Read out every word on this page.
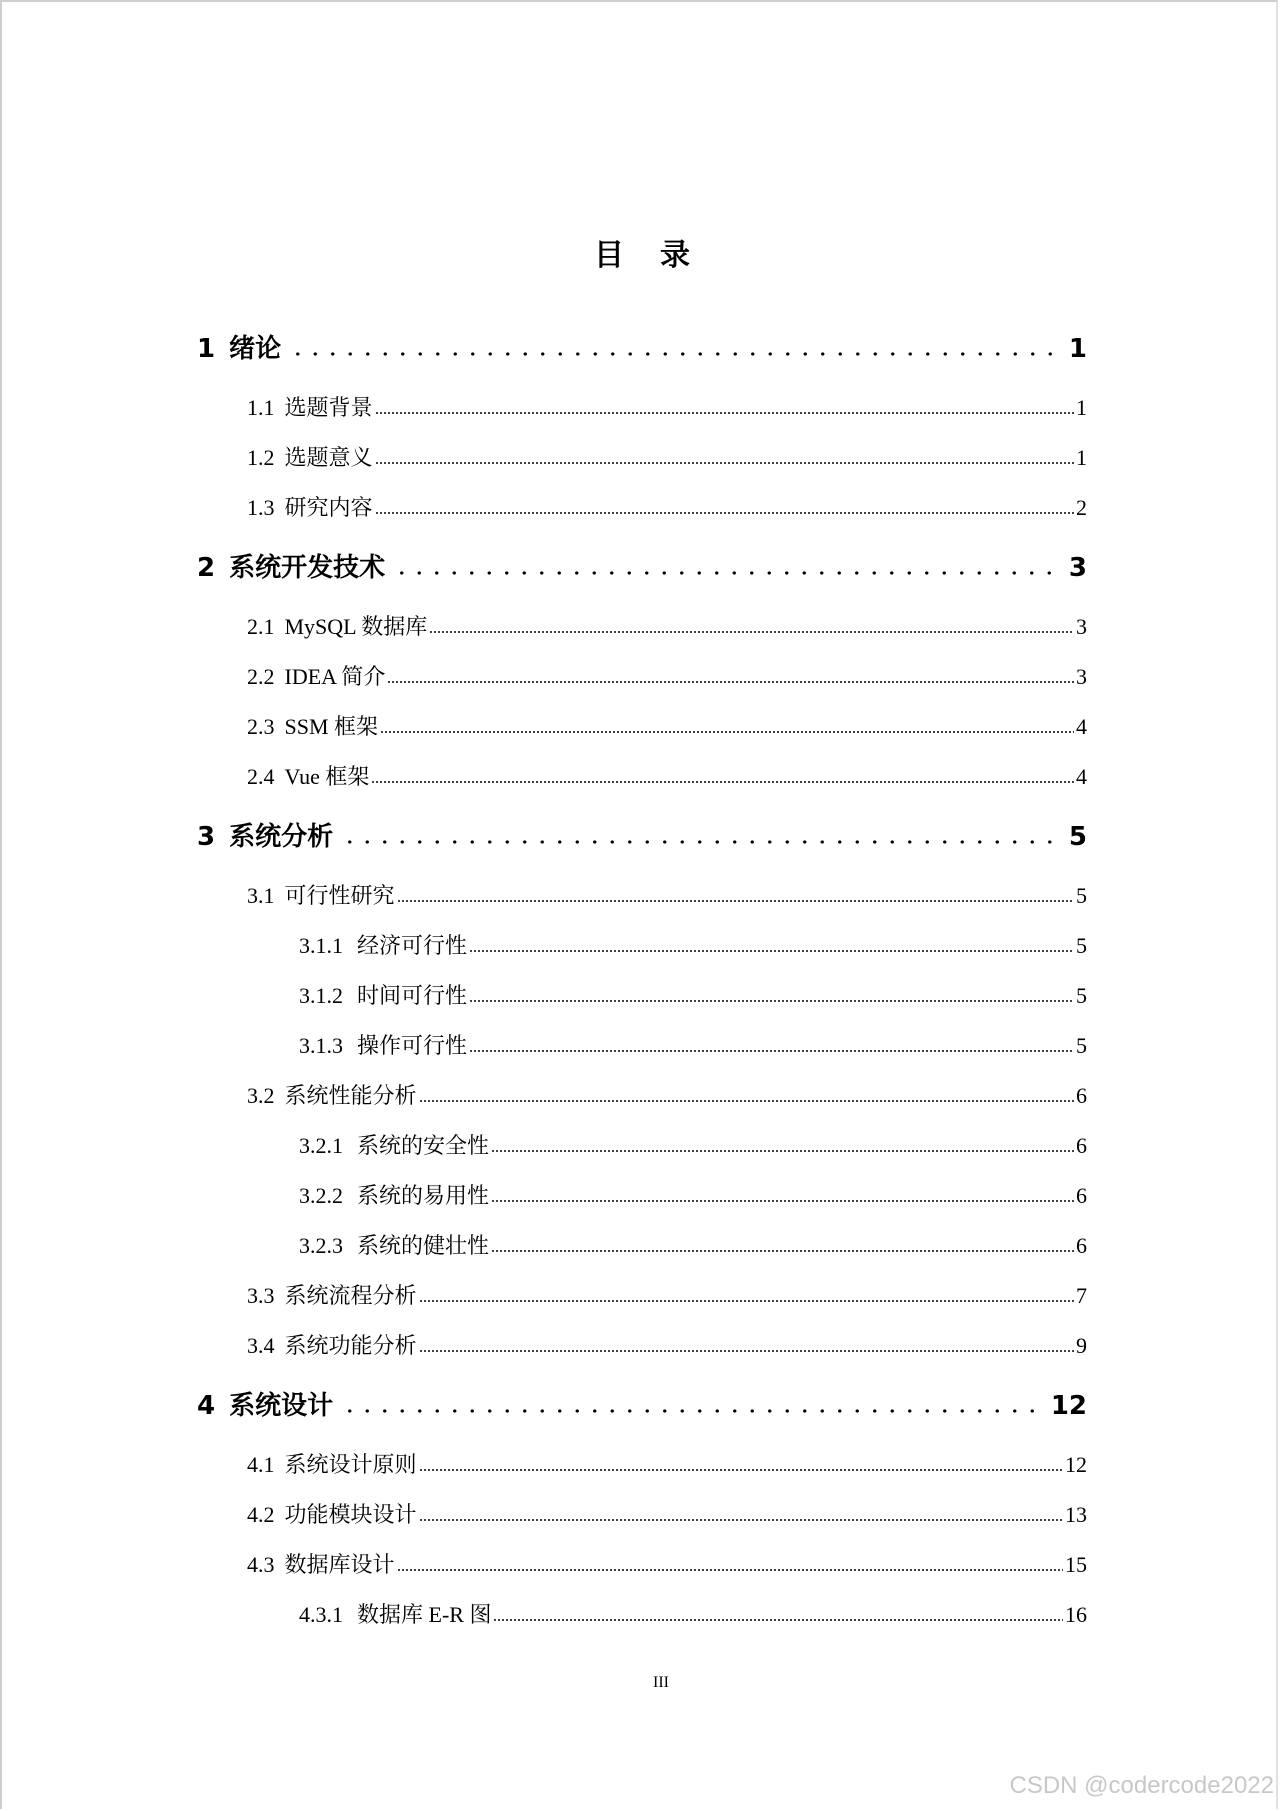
目录
1 绪论	1
1.1 选题背景	1
1.2 选题意义	1
1.3 研究内容	2
2 系统开发技术	3
2.1 MySQL 数据库	3
2.2 IDEA 简介	3
2.3 SSM 框架	4
2.4 Vue 框架	4
3 系统分析	5
3.1 可行性研究	5
3.1.1 经济可行性	5
3.1.2 时间可行性	5
3.1.3 操作可行性	5
3.2 系统性能分析	6
3.2.1 系统的安全性	6
3.2.2 系统的易用性	6
3.2.3 系统的健壮性	6
3.3 系统流程分析	7
3.4 系统功能分析	9
4 系统设计	12
4.1 系统设计原则	12
4.2 功能模块设计	13
4.3 数据库设计	15
4.3.1 数据库 E-R 图	16
III
CSDN @codercode2022
